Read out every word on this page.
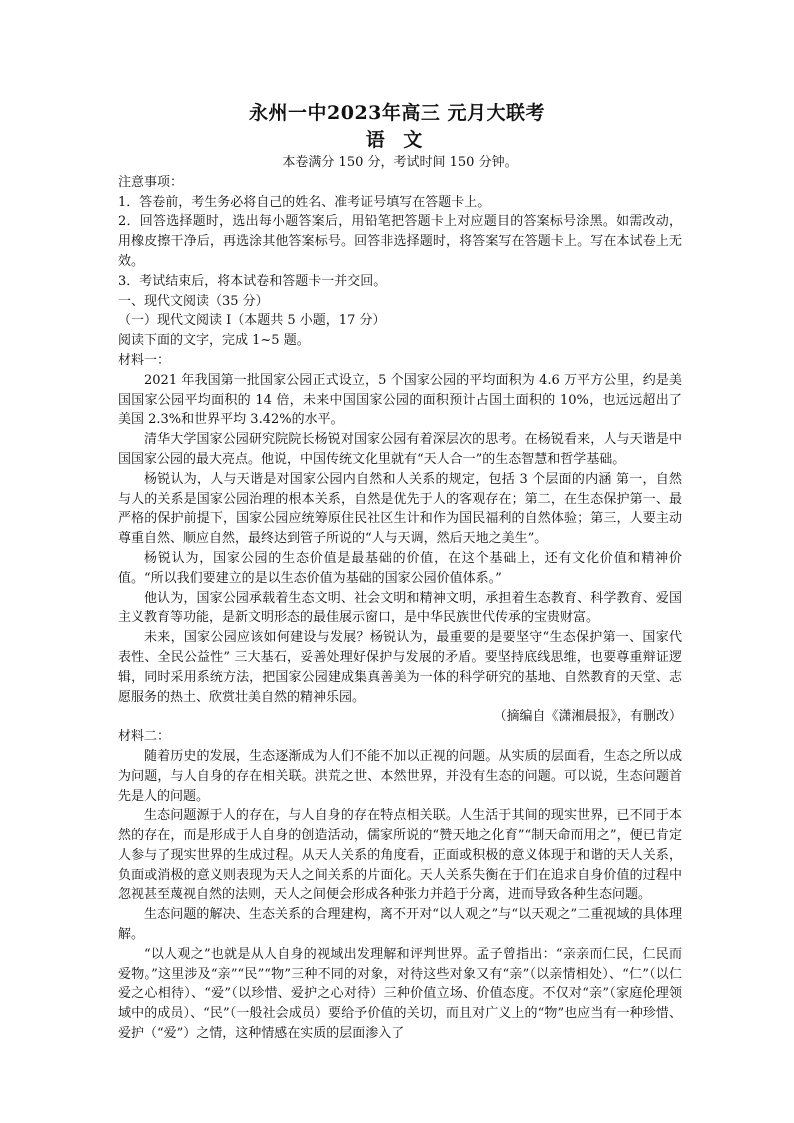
永州一中2023年高三 元月大联考
语 文

本卷满分 150 分，考试时间 150 分钟。

注意事项：

1．答卷前，考生务必将自己的姓名、准考证号填写在答题卡上。

2．回答选择题时，选出每小题答案后，用铅笔把答题卡上对应题目的答案标号涂黑。如需改动，用橡皮擦干净后，再选涂其他答案标号。回答非选择题时，将答案写在答题卡上。写在本试卷上无效。

3．考试结束后，将本试卷和答题卡一并交回。

一、现代文阅读（35 分）

（一）现代文阅读 I（本题共 5 小题，17 分）

阅读下面的文字，完成 1~5 题。

材料一：

2021 年我国第一批国家公园正式设立，5 个国家公园的平均面积为 4.6 万平方公里，约是美国国家公园平均面积的 14 倍，未来中国国家公园的面积预计占国土面积的 10%，也远远超出了美国 2.3%和世界平均 3.42%的水平。

清华大学国家公园研究院院长杨锐对国家公园有着深层次的思考。在杨锐看来，人与天谐是中国国家公园的最大亮点。他说，中国传统文化里就有“天人合一”的生态智慧和哲学基础。

杨锐认为，人与天谐是对国家公园内自然和人关系的规定，包括 3 个层面的内涵 第一，自然与人的关系是国家公园治理的根本关系，自然是优先于人的客观存在；第二，在生态保护第一、最严格的保护前提下，国家公园应统筹原住民社区生计和作为国民福利的自然体验；第三，人要主动尊重自然、顺应自然，最终达到管子所说的“人与天调，然后天地之美生”。

杨锐认为，国家公园的生态价值是最基础的价值，在这个基础上，还有文化价值和精神价值。“所以我们要建立的是以生态价值为基础的国家公园价值体系。”

他认为，国家公园承载着生态文明、社会文明和精神文明，承担着生态教育、科学教育、爱国主义教育等功能，是新文明形态的最佳展示窗口，是中华民族世代传承的宝贵财富。

未来，国家公园应该如何建设与发展？杨锐认为，最重要的是要坚守“生态保护第一、国家代表性、全民公益性” 三大基石，妥善处理好保护与发展的矛盾。要坚持底线思维，也要尊重辩证逻辑，同时采用系统方法，把国家公园建成集真善美为一体的科学研究的基地、自然教育的天堂、志愿服务的热土、欣赏壮美自然的精神乐园。

（摘编自《潇湘晨报》，有删改）

材料二：

随着历史的发展，生态逐渐成为人们不能不加以正视的问题。从实质的层面看，生态之所以成为问题，与人自身的存在相关联。洪荒之世、本然世界，并没有生态的问题。可以说，生态问题首先是人的问题。

生态问题源于人的存在，与人自身的存在特点相关联。人生活于其间的现实世界，已不同于本然的存在，而是形成于人自身的创造活动，儒家所说的“赞天地之化育”“制天命而用之”，便已肯定人参与了现实世界的生成过程。从天人关系的角度看，正面或积极的意义体现于和谐的天人关系，负面或消极的意义则表现为天人之间关系的片面化。天人关系失衡在于们在追求自身价值的过程中忽视甚至蔑视自然的法则，天人之间便会形成各种张力并趋于分离，进而导致各种生态问题。

生态问题的解决、生态关系的合理建构，离不开对“以人观之”与“以天观之”二重视域的具体理解。

“以人观之”也就是从人自身的视域出发理解和评判世界。孟子曾指出：“亲亲而仁民，仁民而爱物。”这里涉及“亲”“民”“物”三种不同的对象，对待这些对象又有“亲”（以亲情相处）、“仁”（以仁爱之心相待）、“爱”（以珍惜、爱护之心对待）三种价值立场、价值态度。不仅对“亲”（家庭伦理领域中的成员）、“民”（一般社会成员）要给予价值的关切，而且对广义上的“物”也应当有一种珍惜、爱护（“爱”）之情，这种情感在实质的层面渗入了
